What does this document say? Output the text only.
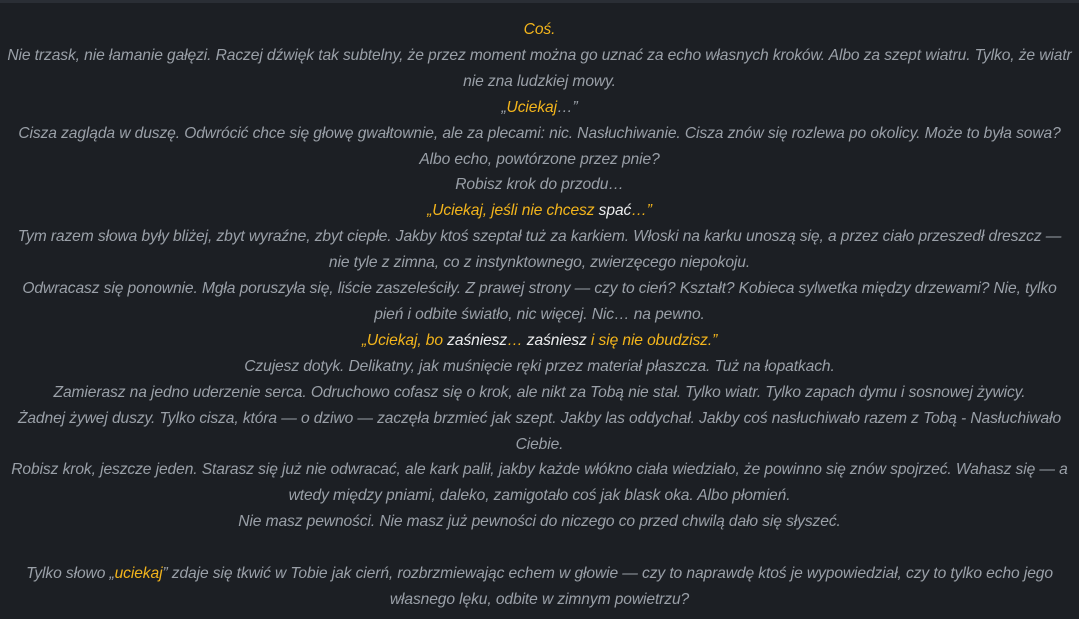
Coś.

Nie trzask, nie łamanie gałęzi. Raczej dźwięk tak subtelny, że przez moment można go uznać za echo własnych kroków. Albo za szept wiatru. Tylko, że wiatr nie zna ludzkiej mowy.

„Uciekaj…”

Cisza zagląda w duszę. Odwrócić chce się głowę gwałtownie, ale za plecami: nic. Nasłuchiwanie. Cisza znów się rozlewa po okolicy. Może to była sowa? Albo echo, powtórzone przez pnie?

Robisz krok do przodu…

„Uciekaj, jeśli nie chcesz spać…”

Tym razem słowa były bliżej, zbyt wyraźne, zbyt ciepłe. Jakby ktoś szeptał tuż za karkiem. Włoski na karku unoszą się, a przez ciało przeszedł dreszcz — nie tyle z zimna, co z instynktownego, zwierzęcego niepokoju.

Odwracasz się ponownie. Mgła poruszyła się, liście zaszeleściły. Z prawej strony — czy to cień? Kształt? Kobieca sylwetka między drzewami? Nie, tylko pień i odbite światło, nic więcej. Nic… na pewno.

„Uciekaj, bo zaśniesz… zaśniesz i się nie obudzisz.”

Czujesz dotyk. Delikatny, jak muśnięcie ręki przez materiał płaszcza. Tuż na łopatkach.

Zamierasz na jedno uderzenie serca. Odruchowo cofasz się o krok, ale nikt za Tobą nie stał. Tylko wiatr. Tylko zapach dymu i sosnowej żywicy.

Żadnej żywej duszy. Tylko cisza, która — o dziwo — zaczęła brzmieć jak szept. Jakby las oddychał. Jakby coś nasłuchiwało razem z Tobą - Nasłuchiwało Ciebie.

Robisz krok, jeszcze jeden. Starasz się już nie odwracać, ale kark palił, jakby każde włókno ciała wiedziało, że powinno się znów spojrzeć. Wahasz się — a wtedy między pniami, daleko, zamigotało coś jak blask oka. Albo płomień.

Nie masz pewności. Nie masz już pewności do niczego co przed chwilą dało się słyszeć.

Tylko słowo „uciekaj” zdaje się tkwić w Tobie jak cierń, rozbrzmiewając echem w głowie — czy to naprawdę ktoś je wypowiedział, czy to tylko echo jego własnego lęku, odbite w zimnym powietrzu?
